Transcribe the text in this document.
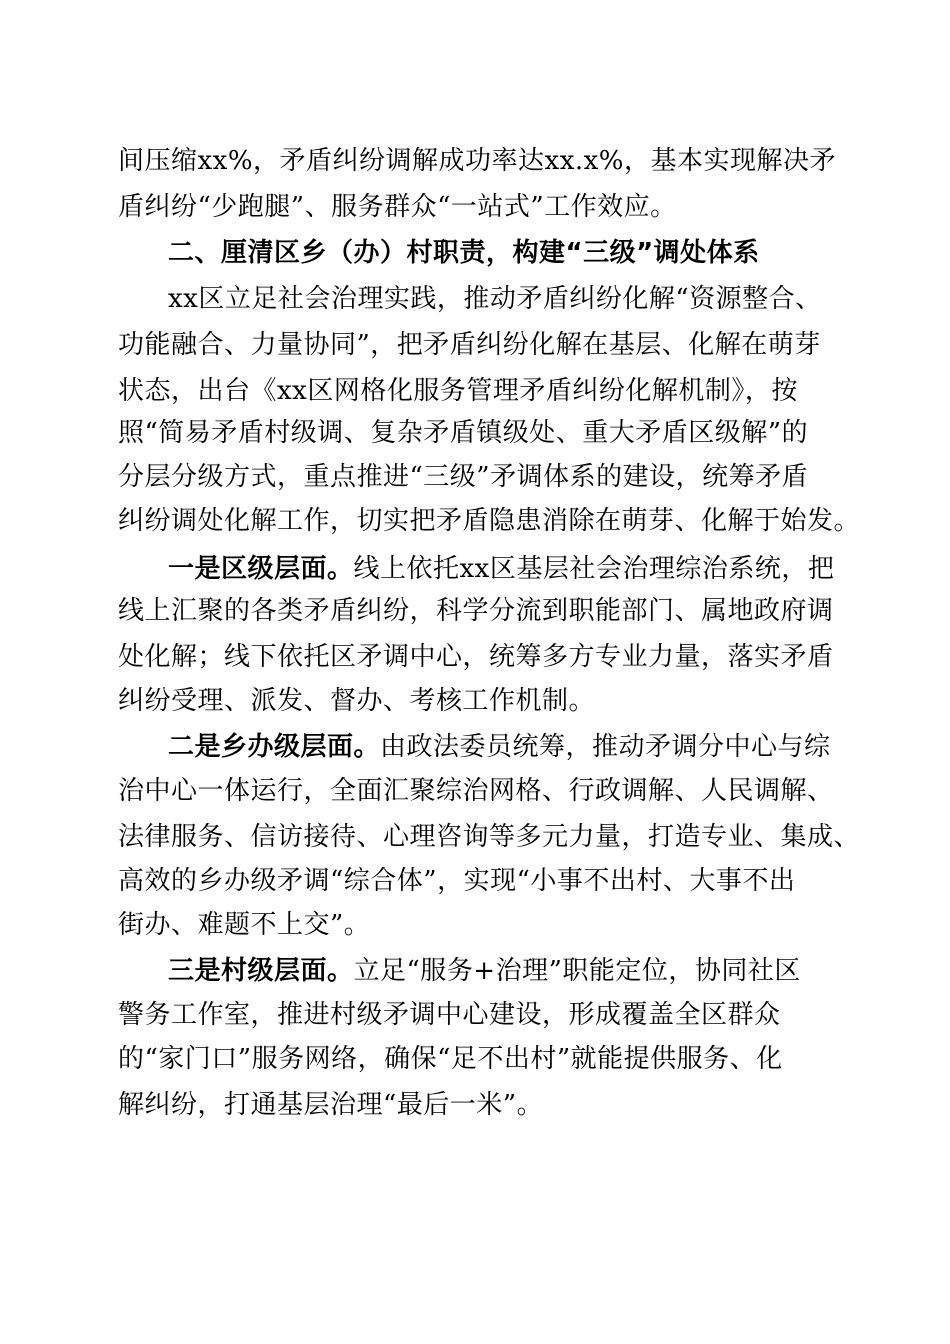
间压缩xx%，矛盾纠纷调解成功率达xx.x%，基本实现解决矛
盾纠纷“少跑腿”、服务群众“一站式”工作效应。
二、厘清区乡（办）村职责，构建“三级”调处体系
xx区立足社会治理实践，推动矛盾纠纷化解“资源整合、
功能融合、力量协同”，把矛盾纠纷化解在基层、化解在萌芽
状态，出台《xx区网格化服务管理矛盾纠纷化解机制》，按
照“简易矛盾村级调、复杂矛盾镇级处、重大矛盾区级解”的
分层分级方式，重点推进“三级”矛调体系的建设，统筹矛盾
纠纷调处化解工作，切实把矛盾隐患消除在萌芽、化解于始发。
一是区级层面。线上依托xx区基层社会治理综治系统，把
线上汇聚的各类矛盾纠纷，科学分流到职能部门、属地政府调
处化解；线下依托区矛调中心，统筹多方专业力量，落实矛盾
纠纷受理、派发、督办、考核工作机制。
二是乡办级层面。由政法委员统筹，推动矛调分中心与综
治中心一体运行，全面汇聚综治网格、行政调解、人民调解、
法律服务、信访接待、心理咨询等多元力量，打造专业、集成、
高效的乡办级矛调“综合体”，实现“小事不出村、大事不出
街办、难题不上交”。
三是村级层面。立足“服务+治理”职能定位，协同社区
警务工作室，推进村级矛调中心建设，形成覆盖全区群众
的“家门口”服务网络，确保“足不出村”就能提供服务、化
解纠纷，打通基层治理“最后一米”。
